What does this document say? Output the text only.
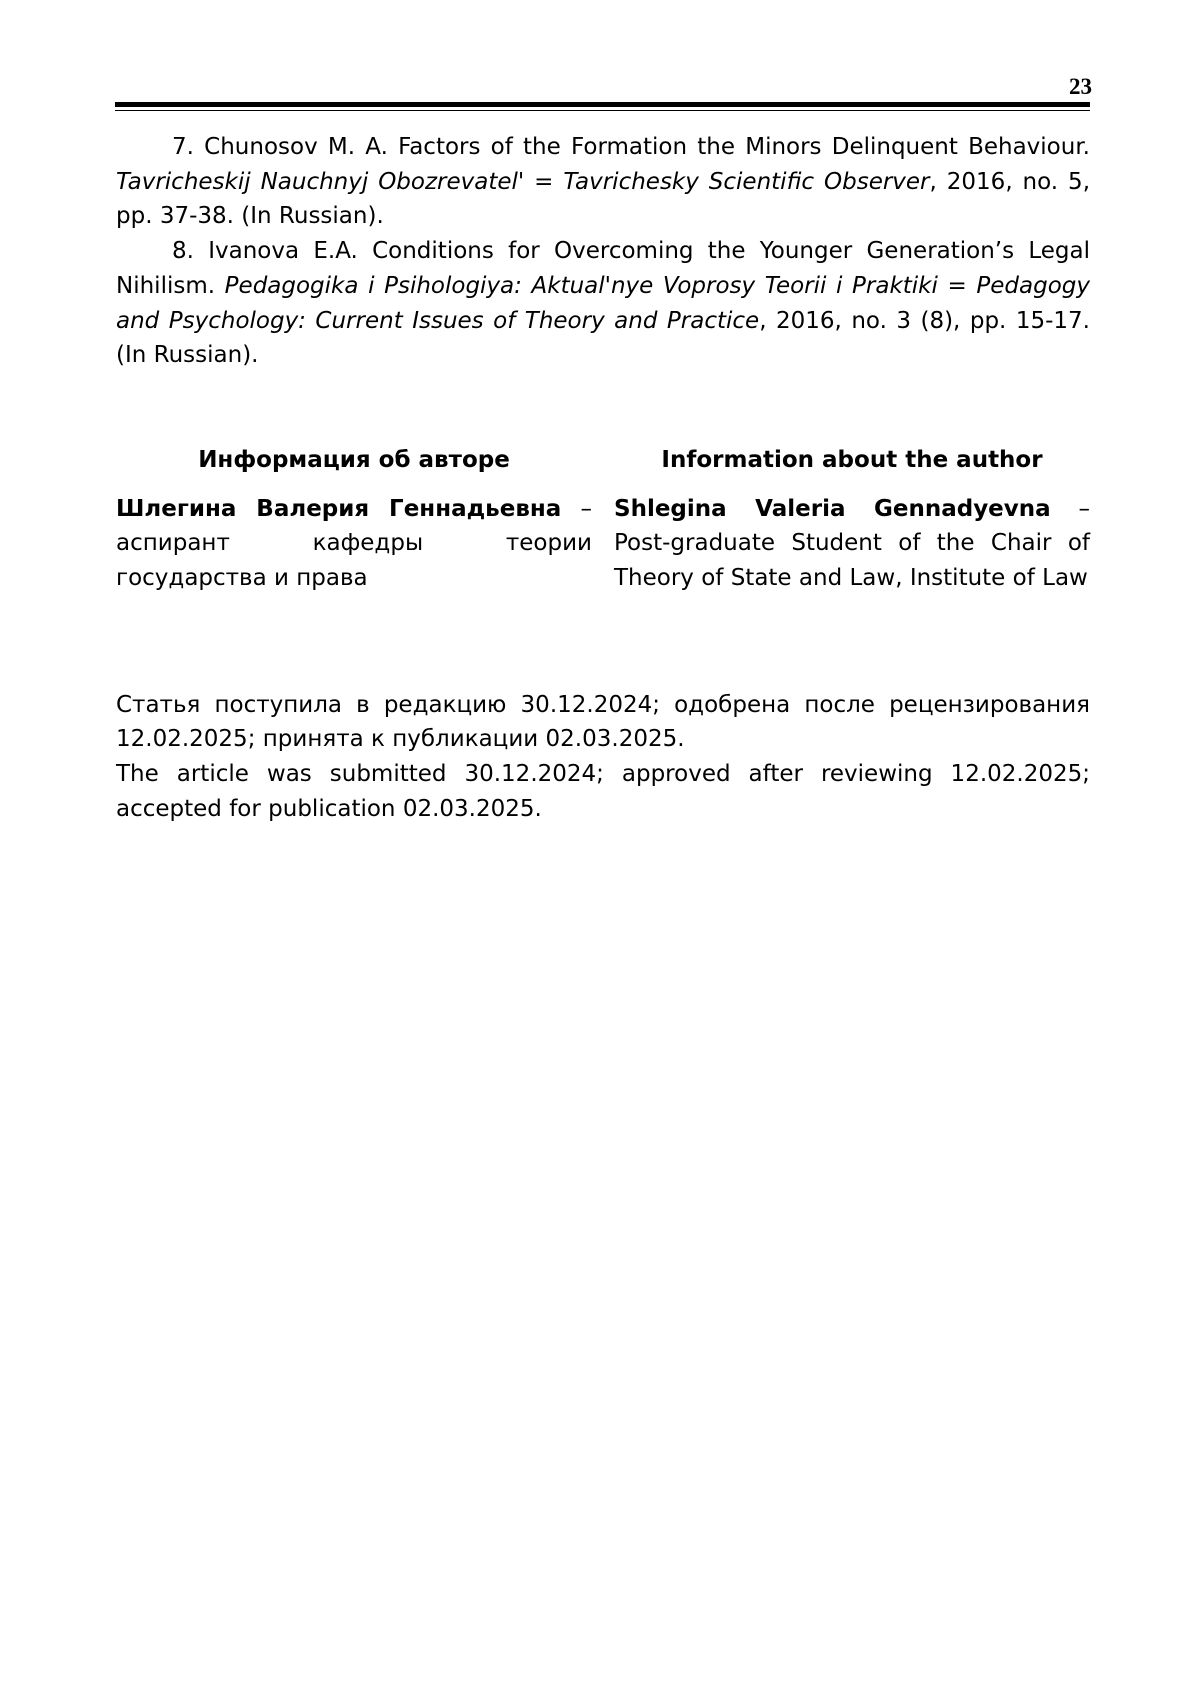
23

7. Chunosov M. A. Factors of the Formation the Minors Delinquent Behaviour. Tavricheskij Nauchnyj Obozrevatel' = Tavrichesky Scientific Observer, 2016, no. 5, pp. 37-38. (In Russian).

8. Ivanova E.A. Conditions for Overcoming the Younger Generation’s Legal Nihilism. Pedagogika i Psihologiya: Aktual'nye Voprosy Teorii i Praktiki = Pedagogy and Psychology: Current Issues of Theory and Practice, 2016, no. 3 (8), pp. 15-17. (In Russian).

Информация об авторе

Шлегина Валерия Геннадьевна – аспирант кафедры теории государства и права

Information about the author

Shlegina Valeria Gennadyevna – Post-graduate Student of the Chair of Theory of State and Law, Institute of Law

Статья поступила в редакцию 30.12.2024; одобрена после рецензирования 12.02.2025; принята к публикации 02.03.2025.

The article was submitted 30.12.2024; approved after reviewing 12.02.2025; accepted for publication 02.03.2025.
